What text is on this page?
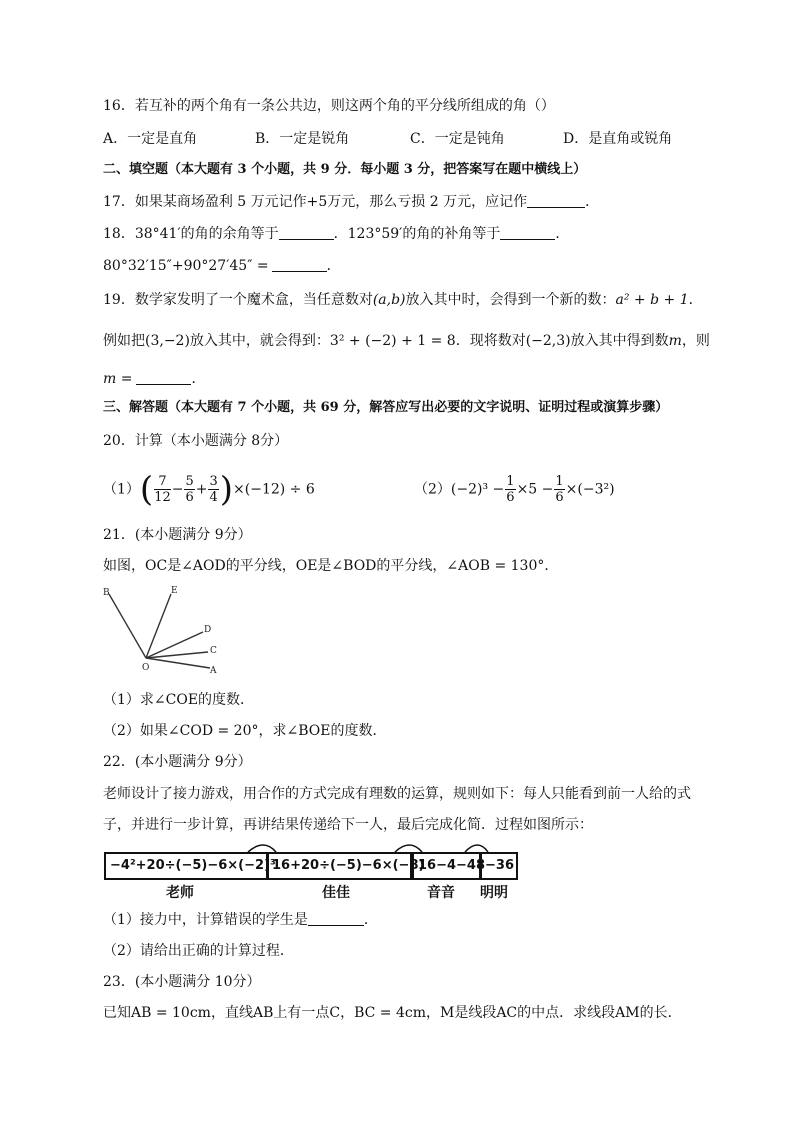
16．若互补的两个角有一条公共边，则这两个角的平分线所组成的角（）
A．一定是直角	B．一定是锐角	C．一定是钝角	D．是直角或锐角
二、填空题（本大题有 3 个小题，共 9 分．每小题 3 分，把答案写在题中横线上）
17．如果某商场盈利 5 万元记作+5万元，那么亏损 2 万元，应记作	．
18．38°41′的角的余角等于	．123°59′的角的补角等于	．
80°32′15″+90°27′45″ =	．
19．数学家发明了一个魔术盒，当任意数对(a,b)放入其中时，会得到一个新的数：a² + b + 1．
例如把(3,−2)放入其中，就会得到：3² + (−2) + 1 = 8．现将数对(−2,3)放入其中得到数m，则
m =	．
三、解答题（本大题有 7 个小题，共 69 分，解答应写出必要的文字说明、证明过程或演算步骤）
20．计算（本小题满分 8分）
$(1)( \frac{7}{12} - \frac{5}{6} + \frac{3}{4} )\times(-12) \div 6$	$(2)(-2)^3 - \frac{1}{6} \times 5 - \frac{1}{6} \times(-3^2)$
21．(本小题满分 9分）
如图，OC是∠AOD的平分线，OE是∠BOD的平分线，∠AOB = 130°．
B	E
D
C
A
O
（1）求∠COE的度数．
（2）如果∠COD = 20°，求∠BOE的度数．
22．(本小题满分 9分）
老师设计了接力游戏，用合作的方式完成有理数的运算，规则如下：每人只能看到前一人给的式
子，并进行一步计算，再讲结果传递给下一人，最后完成化简．过程如图所示：
−4²+20÷(−5)−6×(−2)³
16+20÷(−5)−6×(−8)
16−4−48 −36
老师	佳佳	音音 明明
（1）接力中，计算错误的学生是	．
（2）请给出正确的计算过程．
23．(本小题满分 10分）
已知AB = 10cm，直线AB上有一点C，BC = 4cm，M是线段AC的中点．求线段AM的长．
